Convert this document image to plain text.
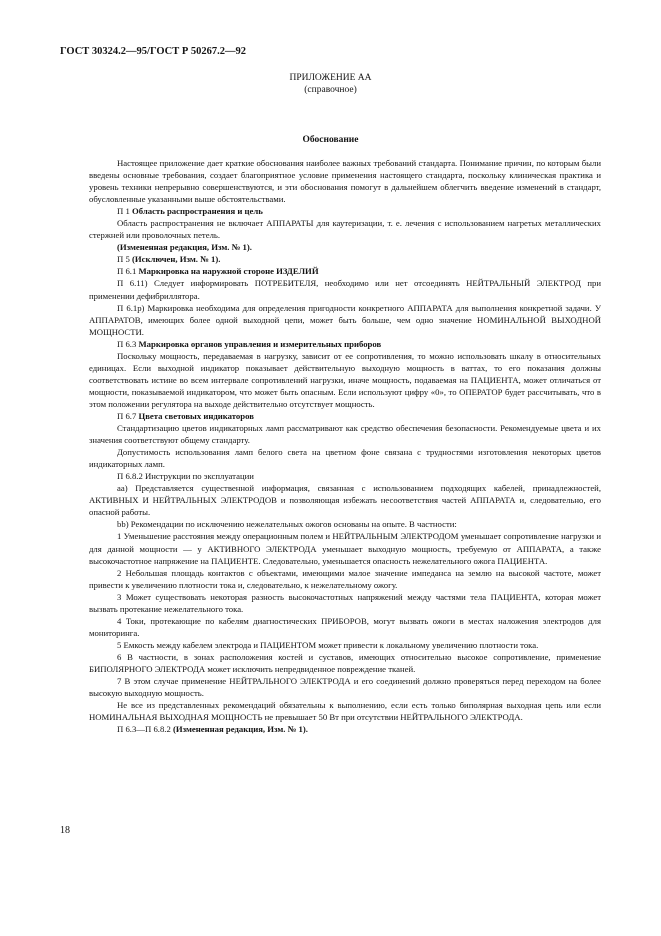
ГОСТ 30324.2—95/ГОСТ Р 50267.2—92
ПРИЛОЖЕНИЕ АА
(справочное)
Обоснование

Настоящее приложение дает краткие обоснования наиболее важных требований стандарта. Понимание причин, по которым были введены основные требования, создает благоприятное условие применения настоящего стандарта, поскольку клиническая практика и уровень техники непрерывно совершенствуются, и эти обоснования помогут в дальнейшем облегчить введение изменений в стандарт, обусловленные указанными выше обстоятельствами.

П 1 Область распространения и цель

Область распространения не включает АППАРАТЫ для каутеризации, т. е. лечения с использованием нагретых металлических стержней или проволочных петель.

(Измененная редакция, Изм. № 1).

П 5 (Исключен, Изм. № 1).

П 6.1 Маркировка на наружной стороне ИЗДЕЛИЙ

П 6.11) Следует информировать ПОТРЕБИТЕЛЯ, необходимо или нет отсоединять НЕЙТРАЛЬНЫЙ ЭЛЕКТРОД при применении дефибриллятора.

П 6.1р) Маркировка необходима для определения пригодности конкретного АППАРАТА для выполнения конкретной задачи. У АППАРАТОВ, имеющих более одной выходной цепи, может быть больше, чем одно значение НОМИНАЛЬНОЙ ВЫХОДНОЙ МОЩНОСТИ.

П 6.3 Маркировка органов управления и измерительных приборов

Поскольку мощность, передаваемая в нагрузку, зависит от ее сопротивления, то можно использовать шкалу в относительных единицах. Если выходной индикатор показывает действительную выходную мощность в ваттах, то его показания должны соответствовать истине во всем интервале сопротивлений нагрузки, иначе мощность, подаваемая на ПАЦИЕНТА, может отличаться от мощности, показываемой индикатором, что может быть опасным. Если используют цифру «0», то ОПЕРАТОР будет рассчитывать, что в этом положении регулятора на выходе действительно отсутствует мощность.

П 6.7 Цвета световых индикаторов

Стандартизацию цветов индикаторных ламп рассматривают как средство обеспечения безопасности. Рекомендуемые цвета и их значения соответствуют общему стандарту.

Допустимость использования ламп белого света на цветном фоне связана с трудностями изготовления некоторых цветов индикаторных ламп.

П 6.8.2 Инструкции по эксплуатации

аа) Представляется существенной информация, связанная с использованием подходящих кабелей, принадлежностей, АКТИВНЫХ И НЕЙТРАЛЬНЫХ ЭЛЕКТРОДОВ и позволяющая избежать несоответствия частей АППАРАТА и, следовательно, его опасной работы.

bb) Рекомендации по исключению нежелательных ожогов основаны на опыте. В частности:

1 Уменьшение расстояния между операционным полем и НЕЙТРАЛЬНЫМ ЭЛЕКТРОДОМ уменьшает сопротивление нагрузки и для данной мощности — у АКТИВНОГО ЭЛЕКТРОДА уменьшает выходную мощность, требуемую от АППАРАТА, а также высокочастотное напряжение на ПАЦИЕНТЕ. Следовательно, уменьшается опасность нежелательного ожога ПАЦИЕНТА.

2 Небольшая площадь контактов с объектами, имеющими малое значение импеданса на землю на высокой частоте, может привести к увеличению плотности тока и, следовательно, к нежелательному ожогу.

3 Может существовать некоторая разность высокочастотных напряжений между частями тела ПАЦИЕНТА, которая может вызвать протекание нежелательного тока.

4 Токи, протекающие по кабелям диагностических ПРИБОРОВ, могут вызвать ожоги в местах наложения электродов для мониторинга.

5 Емкость между кабелем электрода и ПАЦИЕНТОМ может привести к локальному увеличению плотности тока.

6 В частности, в зонах расположения костей и суставов, имеющих относительно высокое сопротивление, применение БИПОЛЯРНОГО ЭЛЕКТРОДА может исключить непредвиденное повреждение тканей.

7 В этом случае применение НЕЙТРАЛЬНОГО ЭЛЕКТРОДА и его соединений должно проверяться перед переходом на более высокую выходную мощность.

Не все из представленных рекомендаций обязательны к выполнению, если есть только биполярная выходная цепь или если НОМИНАЛЬНАЯ ВЫХОДНАЯ МОЩНОСТЬ не превышает 50 Вт при отсутствии НЕЙТРАЛЬНОГО ЭЛЕКТРОДА.

П 6.3—П 6.8.2 (Измененная редакция, Изм. № 1).

18
